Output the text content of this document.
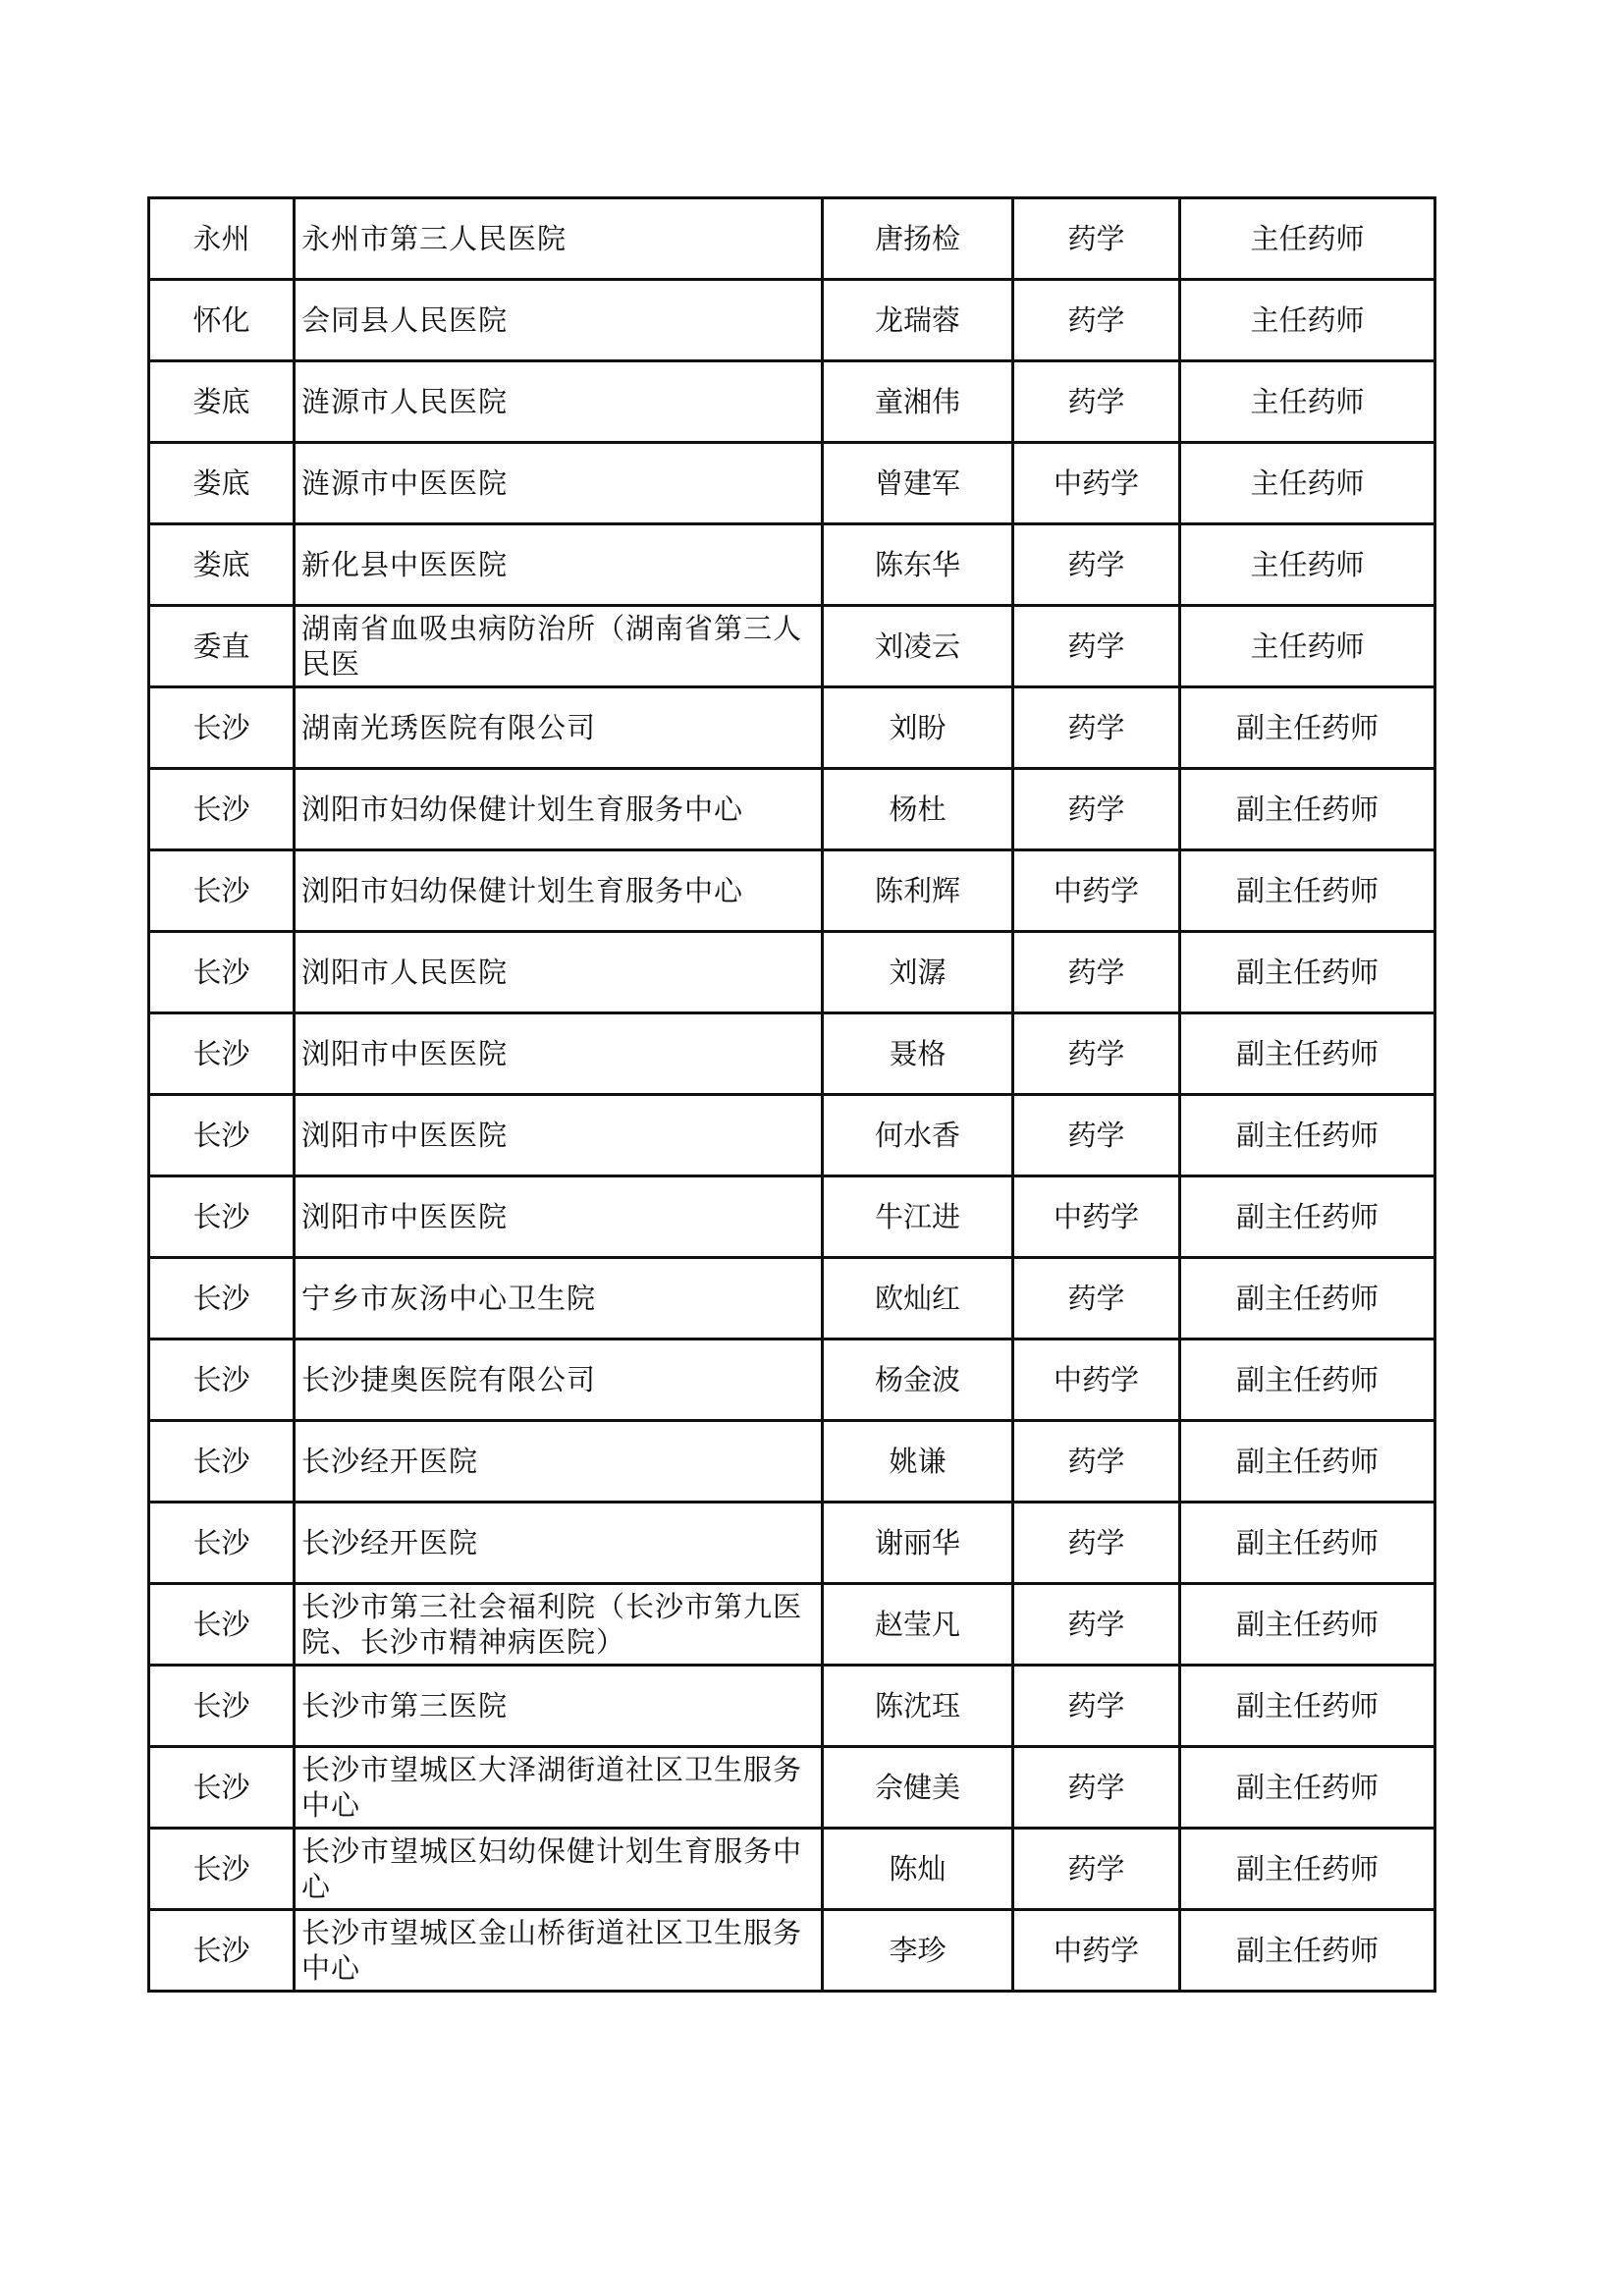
永州	永州市第三人民医院	唐扬检	药学	主任药师
怀化	会同县人民医院	龙瑞蓉	药学	主任药师
娄底	涟源市人民医院	童湘伟	药学	主任药师
娄底	涟源市中医医院	曾建军	中药学	主任药师
娄底	新化县中医医院	陈东华	药学	主任药师
委直	湖南省血吸虫病防治所（湖南省第三人民医	刘凌云	药学	主任药师
长沙	湖南光琇医院有限公司	刘盼	药学	副主任药师
长沙	浏阳市妇幼保健计划生育服务中心	杨杜	药学	副主任药师
长沙	浏阳市妇幼保健计划生育服务中心	陈利辉	中药学	副主任药师
长沙	浏阳市人民医院	刘潺	药学	副主任药师
长沙	浏阳市中医医院	聂格	药学	副主任药师
长沙	浏阳市中医医院	何水香	药学	副主任药师
长沙	浏阳市中医医院	牛江进	中药学	副主任药师
长沙	宁乡市灰汤中心卫生院	欧灿红	药学	副主任药师
长沙	长沙捷奥医院有限公司	杨金波	中药学	副主任药师
长沙	长沙经开医院	姚谦	药学	副主任药师
长沙	长沙经开医院	谢丽华	药学	副主任药师
长沙	长沙市第三社会福利院（长沙市第九医院、长沙市精神病医院）	赵莹凡	药学	副主任药师
长沙	长沙市第三医院	陈沈珏	药学	副主任药师
长沙	长沙市望城区大泽湖街道社区卫生服务中心	佘健美	药学	副主任药师
长沙	长沙市望城区妇幼保健计划生育服务中心	陈灿	药学	副主任药师
长沙	长沙市望城区金山桥街道社区卫生服务中心	李珍	中药学	副主任药师
